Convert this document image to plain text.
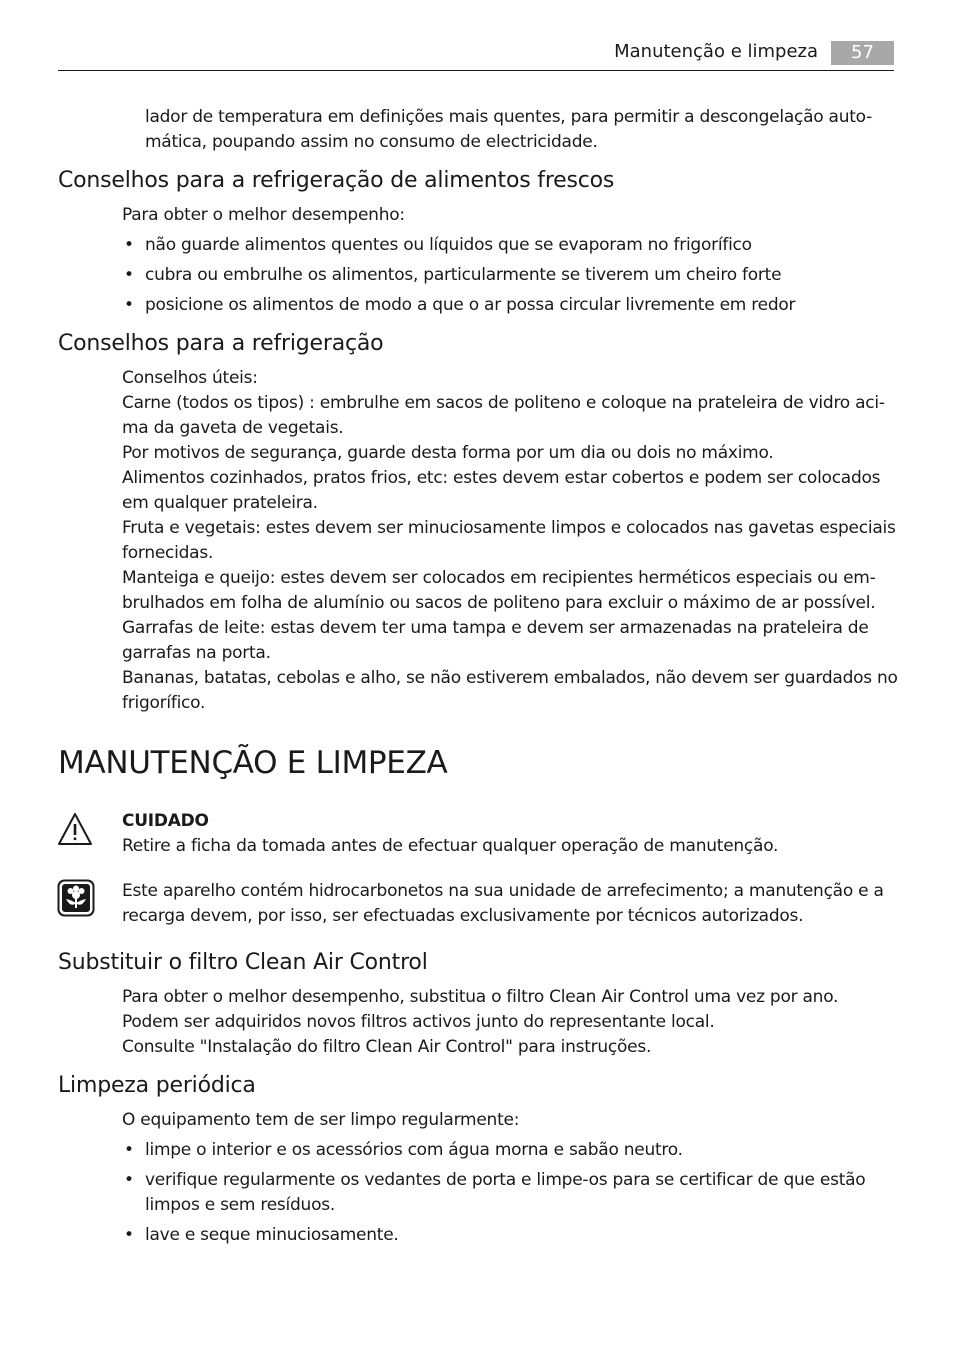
Manutenção e limpeza	57

lador de temperatura em definições mais quentes, para permitir a descongelação auto-

mática, poupando assim no consumo de electricidade.

Conselhos para a refrigeração de alimentos frescos
Para obter o melhor desempenho:
• não guarde alimentos quentes ou líquidos que se evaporam no frigorífico
• cubra ou embrulhe os alimentos, particularmente se tiverem um cheiro forte
• posicione os alimentos de modo a que o ar possa circular livremente em redor
Conselhos para a refrigeração

Conselhos úteis:

Carne (todos os tipos) : embrulhe em sacos de politeno e coloque na prateleira de vidro aci-

ma da gaveta de vegetais.

Por motivos de segurança, guarde desta forma por um dia ou dois no máximo.

Alimentos cozinhados, pratos frios, etc: estes devem estar cobertos e podem ser colocados

em qualquer prateleira.

Fruta e vegetais: estes devem ser minuciosamente limpos e colocados nas gavetas especiais

fornecidas.

Manteiga e queijo: estes devem ser colocados em recipientes herméticos especiais ou em-

brulhados em folha de alumínio ou sacos de politeno para excluir o máximo de ar possível.

Garrafas de leite: estas devem ter uma tampa e devem ser armazenadas na prateleira de

garrafas na porta.

Bananas, batatas, cebolas e alho, se não estiverem embalados, não devem ser guardados no

frigorífico.

MANUTENÇÃO E LIMPEZA

CUIDADO

Retire a ficha da tomada antes de efectuar qualquer operação de manutenção.

Este aparelho contém hidrocarbonetos na sua unidade de arrefecimento; a manutenção e a

recarga devem, por isso, ser efectuadas exclusivamente por técnicos autorizados.

Substituir o filtro Clean Air Control

Para obter o melhor desempenho, substitua o filtro Clean Air Control uma vez por ano.

Podem ser adquiridos novos filtros activos junto do representante local.

Consulte "Instalação do filtro Clean Air Control" para instruções.

Limpeza periódica
O equipamento tem de ser limpo regularmente:
• limpe o interior e os acessórios com água morna e sabão neutro.
• verifique regularmente os vedantes de porta e limpe-os para se certificar de que estão limpos e sem resíduos.
• lave e seque minuciosamente.
